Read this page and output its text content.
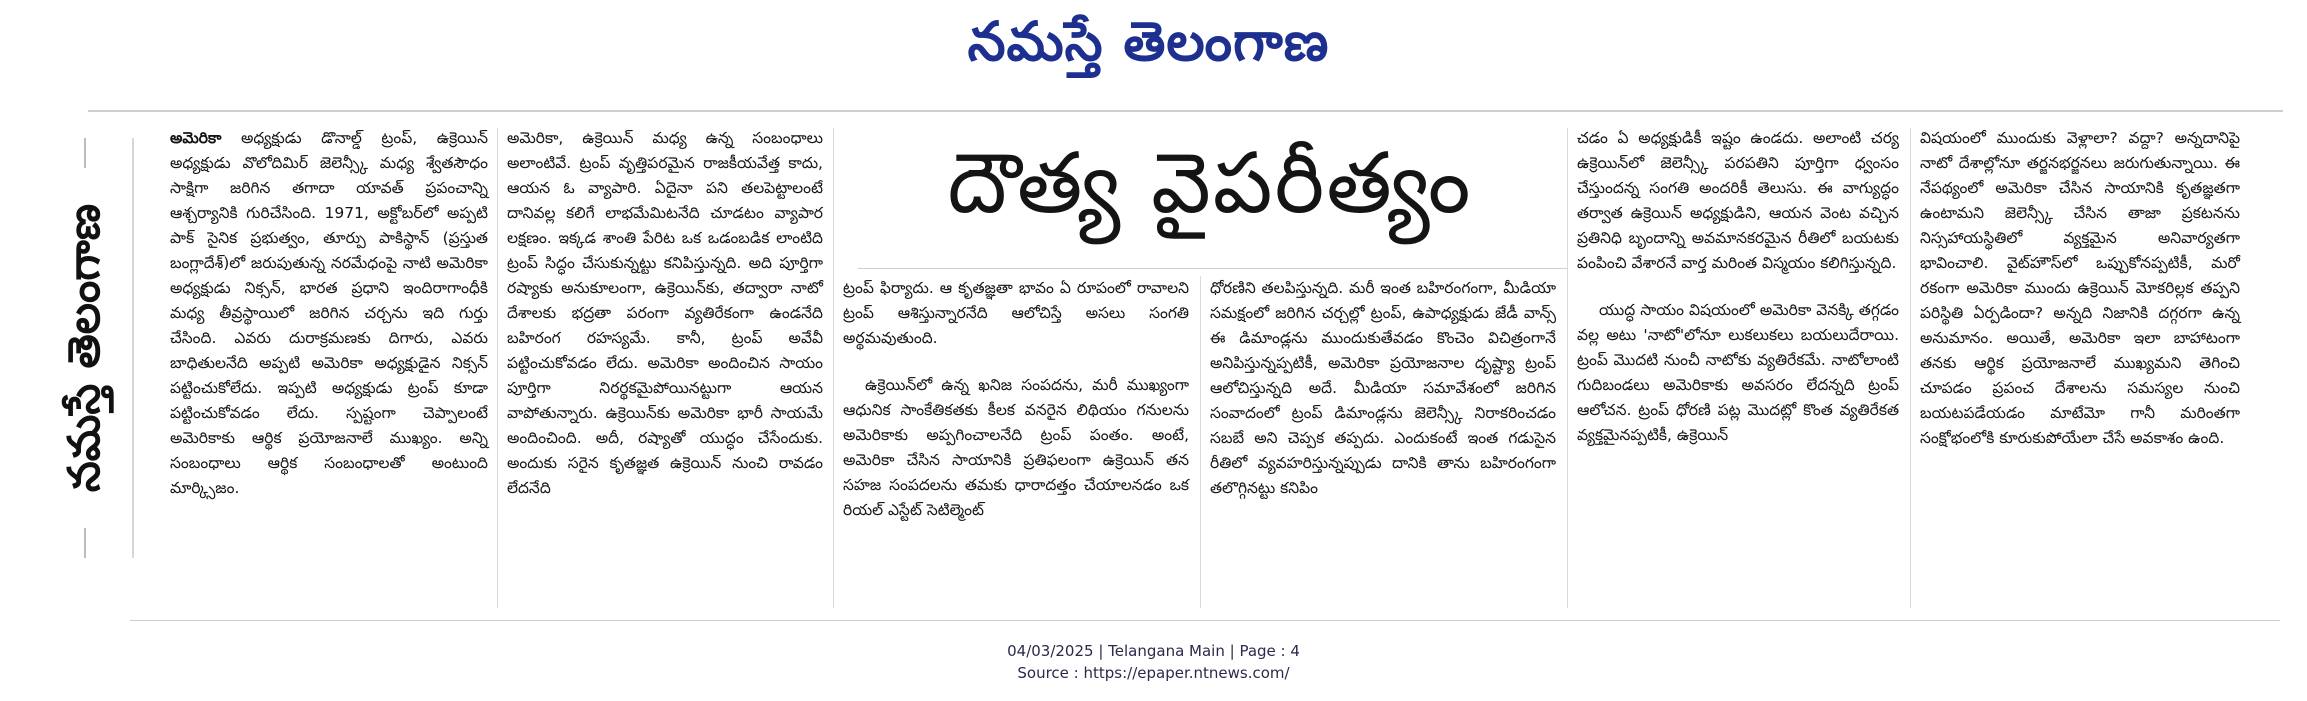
నమస్తే తెలంగాణ
నమస్తే తెలంగాణ

అమెరికా అధ్యక్షుడు డొనాల్డ్ ట్రంప్, ఉక్రెయిన్ అధ్యక్షుడు వొలోదిమిర్ జెలెన్స్కీ మధ్య శ్వేతసౌధం సాక్షిగా జరిగిన తగాదా యావత్ ప్రపంచాన్ని ఆశ్చర్యానికి గురిచేసింది. 1971, అక్టోబర్‌లో అప్పటి పాక్ సైనిక ప్రభుత్వం, తూర్పు పాకిస్థాన్ (ప్రస్తుత బంగ్లాదేశ్)లో జరుపుతున్న నరమేధంపై నాటి అమెరికా అధ్యక్షుడు నిక్సన్, భారత ప్రధాని ఇందిరాగాంధీకి మధ్య తీవ్రస్థాయిలో జరిగిన చర్చను ఇది గుర్తు చేసింది. ఎవరు దురాక్రమణకు దిగారు, ఎవరు బాధితులనేది అప్పటి అమెరికా అధ్యక్షుడైన నిక్సన్ పట్టించుకోలేదు. ఇప్పటి అధ్యక్షుడు ట్రంప్ కూడా పట్టించుకోవడం లేదు. స్పష్టంగా చెప్పాలంటే అమెరికాకు ఆర్థిక ప్రయోజనాలే ముఖ్యం. అన్ని సంబంధాలు ఆర్థిక సంబంధాలతో అంటుంది మార్క్సిజం.

అమెరికా, ఉక్రెయిన్ మధ్య ఉన్న సంబంధాలు అలాంటివే. ట్రంప్ వృత్తిపరమైన రాజకీయవేత్త కాదు, ఆయన ఓ వ్యాపారి. ఏదైనా పని తలపెట్టాలంటే దానివల్ల కలిగే లాభమేమిటనేది చూడటం వ్యాపార లక్షణం. ఇక్కడ శాంతి పేరిట ఒక ఒడంబడిక లాంటిది ట్రంప్ సిద్ధం చేసుకున్నట్టు కనిపిస్తున్నది. అది పూర్తిగా రష్యాకు అనుకూలంగా, ఉక్రెయిన్‌కు, తద్వారా నాటో దేశాలకు భద్రతా పరంగా వ్యతిరేకంగా ఉండనేది బహిరంగ రహస్యమే. కానీ, ట్రంప్ అవేవీ పట్టించుకోవడం లేదు. అమెరికా అందించిన సాయం పూర్తిగా నిరర్థకమైపోయినట్టుగా ఆయన వాపోతున్నారు. ఉక్రెయిన్‌కు అమెరికా భారీ సాయమే అందించింది. అదీ, రష్యాతో యుద్ధం చేసేందుకు. అందుకు సరైన కృతజ్ఞత ఉక్రెయిన్ నుంచి రావడం లేదనేది

దౌత్య వైపరీత్యం

ట్రంప్ ఫిర్యాదు. ఆ కృతజ్ఞతా భావం ఏ రూపంలో రావాలని ట్రంప్ ఆశిస్తున్నారనేది ఆలోచిస్తే అసలు సంగతి అర్థమవుతుంది.

ఉక్రెయిన్‌లో ఉన్న ఖనిజ సంపదను, మరీ ముఖ్యంగా ఆధునిక సాంకేతికతకు కీలక వనరైన లిథియం గనులను అమెరికాకు అప్పగించాలనేది ట్రంప్ పంతం. అంటే, అమెరికా చేసిన సాయానికి ప్రతిఫలంగా ఉక్రెయిన్ తన సహజ సంపదలను తమకు ధారాదత్తం చేయాలనడం ఒక రియల్ ఎస్టేట్ సెటిల్మెంట్

ధోరణిని తలపిస్తున్నది. మరీ ఇంత బహిరంగంగా, మీడియా సమక్షంలో జరిగిన చర్చల్లో ట్రంప్, ఉపాధ్యక్షుడు జేడీ వాన్స్ ఈ డిమాండ్లను ముందుకుతేవడం కొంచెం విచిత్రంగానే అనిపిస్తున్నప్పటికీ, అమెరికా ప్రయోజనాల దృష్ట్యా ట్రంప్ ఆలోచిస్తున్నది అదే. మీడియా సమావేశంలో జరిగిన సంవాదంలో ట్రంప్ డిమాండ్లను జెలెన్స్కీ నిరాకరించడం సబబే అని చెప్పక తప్పదు. ఎందుకంటే ఇంత గడుసైన రీతిలో వ్యవహరిస్తున్నప్పుడు దానికి తాను బహిరంగంగా తలొగ్గినట్టు కనిపిం

చడం ఏ అధ్యక్షుడికీ ఇష్టం ఉండదు. అలాంటి చర్య ఉక్రెయిన్‌లో జెలెన్స్కీ పరపతిని పూర్తిగా ధ్వంసం చేస్తుందన్న సంగతి అందరికీ తెలుసు. ఈ వాగ్యుద్ధం తర్వాత ఉక్రెయిన్ అధ్యక్షుడిని, ఆయన వెంట వచ్చిన ప్రతినిధి బృందాన్ని అవమానకరమైన రీతిలో బయటకు పంపించి వేశారనే వార్త మరింత విస్మయం కలిగిస్తున్నది.

యుద్ధ సాయం విషయంలో అమెరికా వెనక్కి తగ్గడం వల్ల అటు 'నాటో'లోనూ లుకలుకలు బయలుదేరాయి. ట్రంప్ మొదటి నుంచీ నాటోకు వ్యతిరేకమే. నాటోలాంటి గుదిబండలు అమెరికాకు అవసరం లేదన్నది ట్రంప్ ఆలోచన. ట్రంప్ ధోరణి పట్ల మొదట్లో కొంత వ్యతిరేకత వ్యక్తమైనప్పటికీ, ఉక్రెయిన్

విషయంలో ముందుకు వెళ్లాలా? వద్దా? అన్నదానిపై నాటో దేశాల్లోనూ తర్జనభర్జనలు జరుగుతున్నాయి. ఈ నేపథ్యంలో అమెరికా చేసిన సాయానికి కృతజ్ఞతగా ఉంటామని జెలెన్స్కీ చేసిన తాజా ప్రకటనను నిస్సహాయస్థితిలో వ్యక్తమైన అనివార్యతగా భావించాలి. వైట్‌హౌస్‌లో ఒప్పుకోనప్పటికీ, మరో రకంగా అమెరికా ముందు ఉక్రెయిన్ మోకరిల్లక తప్పని పరిస్థితి ఏర్పడిందా? అన్నది నిజానికి దగ్గరగా ఉన్న అనుమానం. అయితే, అమెరికా ఇలా బాహాటంగా తనకు ఆర్థిక ప్రయోజనాలే ముఖ్యమని తెగించి చూపడం ప్రపంచ దేశాలను సమస్యల నుంచి బయటపడేయడం మాటేమో గానీ మరింతగా సంక్షోభంలోకి కూరుకుపోయేలా చేసే అవకాశం ఉంది.

04/03/2025 | Telangana Main | Page : 4
Source : https://epaper.ntnews.com/
